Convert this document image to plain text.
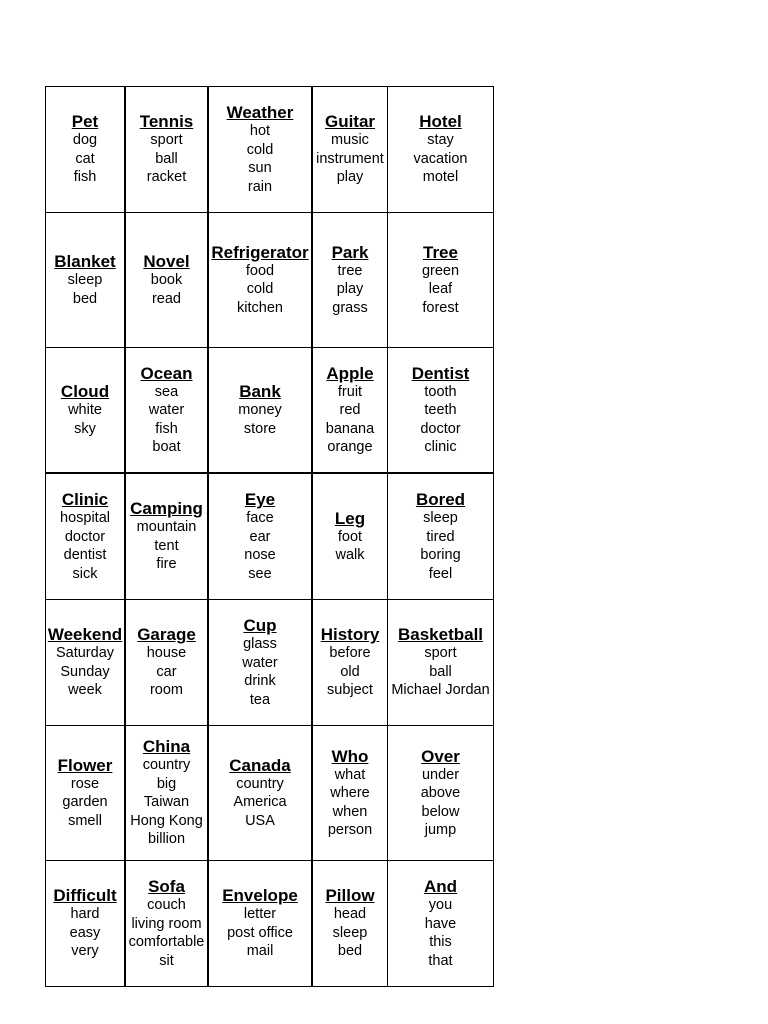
Pet
dog
cat
fish
Tennis
sport
ball
racket
Weather
hot
cold
sun
rain
Guitar
music
instrument
play
Hotel
stay
vacation
motel
Blanket
sleep
bed
Novel
book
read
Refrigerator
food
cold
kitchen
Park
tree
play
grass
Tree
green
leaf
forest
Cloud
white
sky
Ocean
sea
water
fish
boat
Bank
money
store
Apple
fruit
red
banana
orange
Dentist
tooth
teeth
doctor
clinic
Clinic
hospital
doctor
dentist
sick
Camping
mountain
tent
fire
Eye
face
ear
nose
see
Leg
foot
walk
Bored
sleep
tired
boring
feel
Weekend
Saturday
Sunday
week
Garage
house
car
room
Cup
glass
water
drink
tea
History
before
old
subject
Basketball
sport
ball
Michael Jordan
Flower
rose
garden
smell
China
country
big
Taiwan
Hong Kong
billion
Canada
country
America
USA
Who
what
where
when
person
Over
under
above
below
jump
Difficult
hard
easy
very
Sofa
couch
living room
comfortable
sit
Envelope
letter
post office
mail
Pillow
head
sleep
bed
And
you
have
this
that
